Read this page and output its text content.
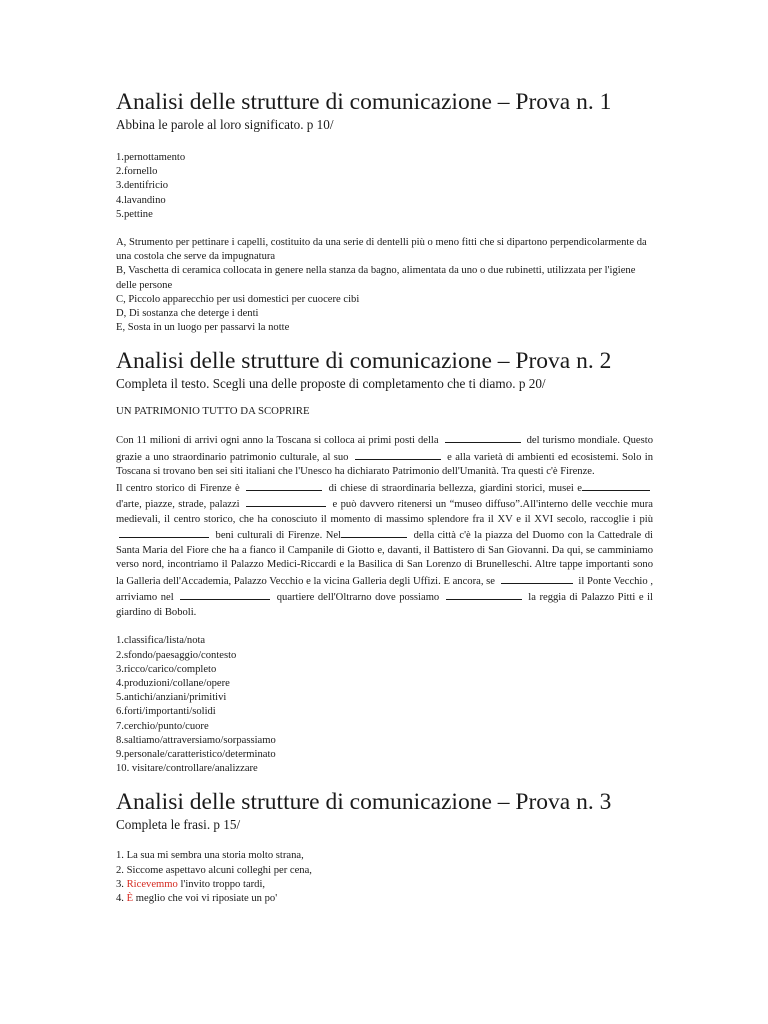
Analisi delle strutture di comunicazione – Prova n. 1

Abbina le parole al loro significato. p 10/

1.pernottamento
2.fornello
3.dentifricio
4.lavandino
5.pettine

A, Strumento per pettinare i capelli, costituito da una serie di dentelli più o meno fitti che si dipartono perpendicolarmente da una costola che serve da impugnatura

B, Vaschetta di ceramica collocata in genere nella stanza da bagno, alimentata da uno o due rubinetti, utilizzata per l'igiene delle persone

C, Piccolo apparecchio per usi domestici per cuocere cibi

D, Di sostanza che deterge i denti

E, Sosta in un luogo per passarvi la notte

Analisi delle strutture di comunicazione – Prova n. 2

Completa il testo. Scegli una delle proposte di completamento che ti diamo. p 20/

UN PATRIMONIO TUTTO DA SCOPRIRE

Con 11 milioni di arrivi ogni anno la Toscana si colloca ai primi posti della	del turismo mondiale. Questo grazie a uno straordinario patrimonio culturale, al suo	e alla varietà di ambienti ed ecosistemi. Solo in Toscana si trovano ben sei siti italiani che l'Unesco ha dichiarato Patrimonio dell'Umanità. Tra questi c'è Firenze.

Il centro storico di Firenze è	di chiese di straordinaria bellezza, giardini storici, musei e d'arte, piazze, strade, palazzi	e può davvero ritenersi un “museo diffuso”.All'interno delle vecchie mura medievali, il centro storico, che ha conosciuto il momento di massimo splendore fra il XV e il XVI secolo, raccoglie i più  beni culturali di Firenze. Nel	della città c'è la piazza del Duomo con la Cattedrale di Santa Maria del Fiore che ha a fianco il Campanile di Giotto e, davanti, il Battistero di San Giovanni. Da qui, se camminiamo verso nord, incontriamo il Palazzo Medici-Riccardi e la Basilica di San Lorenzo di Brunelleschi. Altre tappe importanti sono la Galleria dell'Accademia, Palazzo Vecchio e la vicina Galleria degli Uffizi. E ancora, se	il Ponte Vecchio , arriviamo nel	quartiere dell'Oltrarno dove possiamo	la reggia di Palazzo Pitti e il giardino di Boboli.

1.classifica/lista/nota
2.sfondo/paesaggio/contesto
3.ricco/carico/completo
4.produzioni/collane/opere
5.antichi/anziani/primitivi
6.forti/importanti/solidi
7.cerchio/punto/cuore
8.saltiamo/attraversiamo/sorpassiamo
9.personale/caratteristico/determinato
10. visitare/controllare/analizzare
Analisi delle strutture di comunicazione – Prova n. 3

Completa le frasi. p 15/

1. La sua mi sembra una storia molto strana,
2. Siccome aspettavo alcuni colleghi per cena,
3. Ricevemmo l'invito troppo tardi,
4. È meglio che voi vi riposiate un po'
